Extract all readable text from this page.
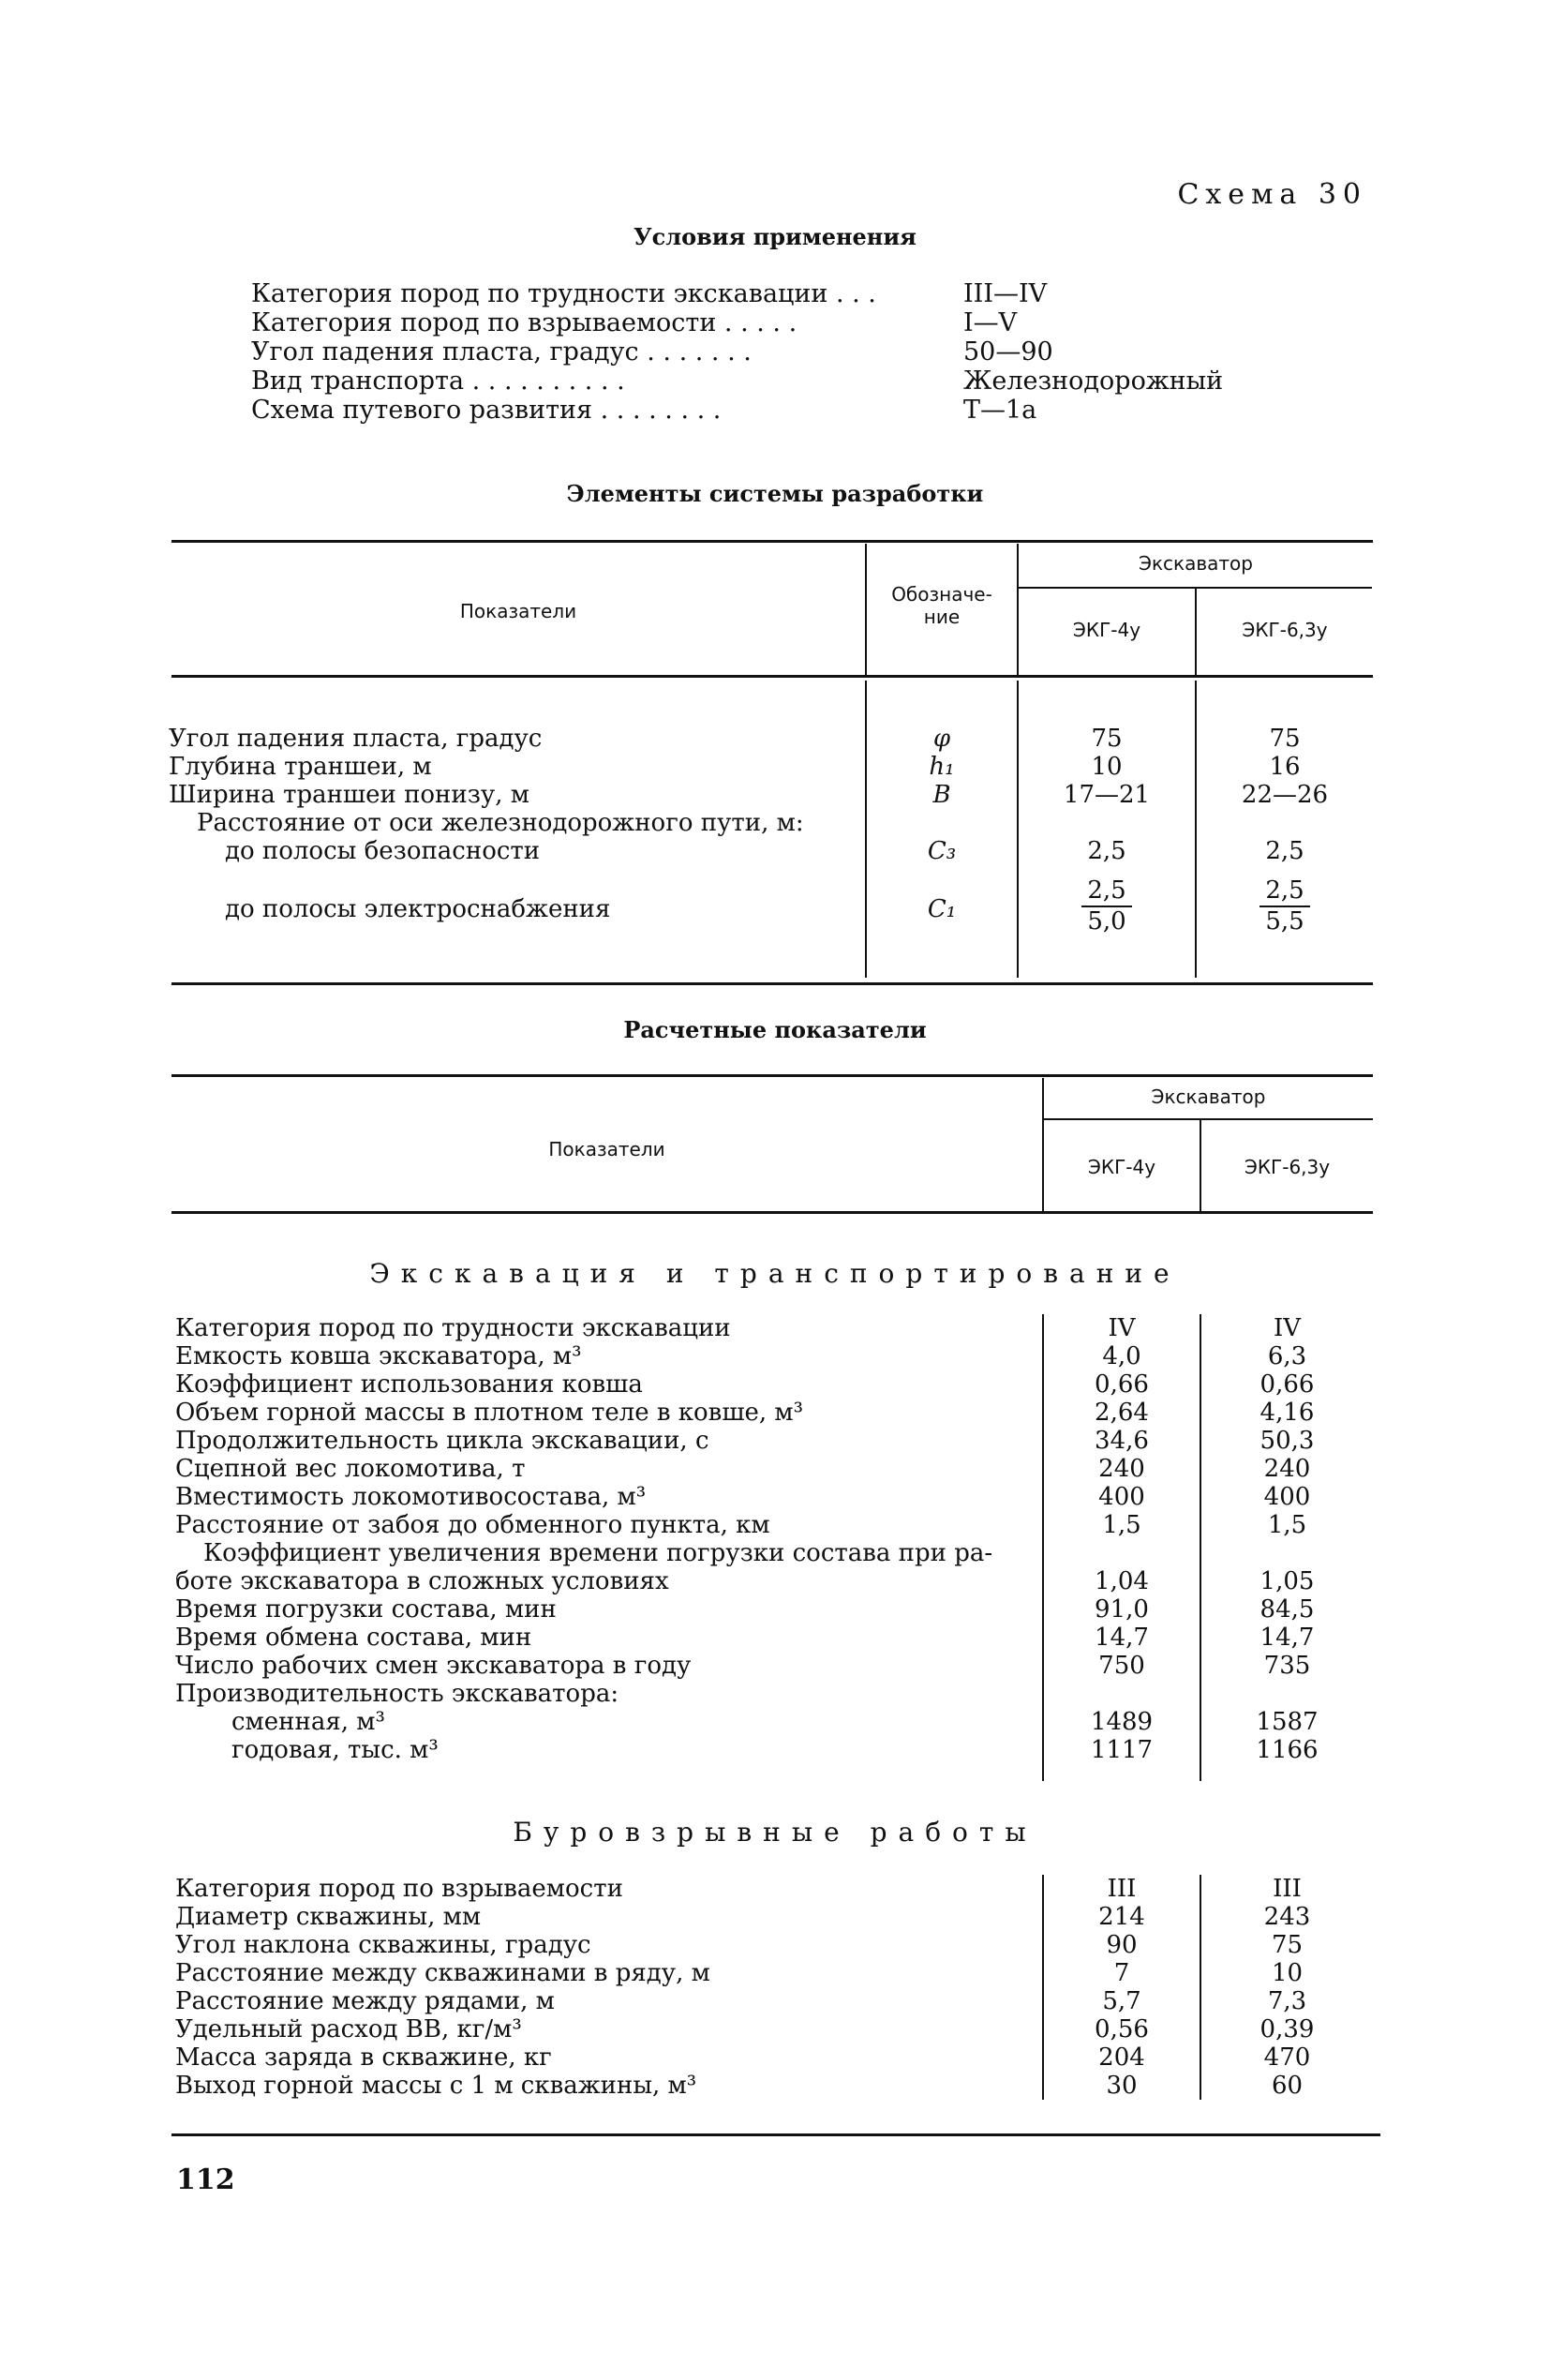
Схема 30
Условия применения
Категория пород по трудности экскавации . . .	III—IV
Категория пород по взрываемости . . . . .	I—V
Угол падения пласта, градус . . . . . . .	50—90
Вид транспорта . . . . . . . . . .	Железнодорожный
Схема путевого развития . . . . . . . .	Т—1а
Элементы системы разработки
Показатели
Обозначе-
ние
Экскаватор
ЭКГ-4у	ЭКГ-6,3у
Угол падения пласта, градус	φ	75	75
Глубина траншеи, м	h₁	10	16
Ширина траншеи понизу, м	B	17—21	22—26
Расстояние от оси железнодорожного пути, м:
до полосы безопасности	C₃	2,5	2,5
до полосы электроснабжения	C₁	$\frac{2,5}{5,0}$	$\frac{2,5}{5,5}$
Расчетные показатели
Показатели
Экскаватор
ЭКГ-4у	ЭКГ-6,3у
Экскавация и транспортирование
Категория пород по трудности экскавации	IV	IV
Емкость ковша экскаватора, м³	4,0	6,3
Коэффициент использования ковша	0,66	0,66
Объем горной массы в плотном теле в ковше, м³	2,64	4,16
Продолжительность цикла экскавации, с	34,6	50,3
Сцепной вес локомотива, т	240	240
Вместимость локомотивосостава, м³	400	400
Расстояние от забоя до обменного пункта, км	1,5	1,5
Коэффициент увеличения времени погрузки состава при ра-
боте экскаватора в сложных условиях	1,04	1,05
Время погрузки состава, мин	91,0	84,5
Время обмена состава, мин	14,7	14,7
Число рабочих смен экскаватора в году	750	735
Производительность экскаватора:
сменная, м³	1489	1587
годовая, тыс. м³	1117	1166
Буровзрывные работы
Категория пород по взрываемости	III	III
Диаметр скважины, мм	214	243
Угол наклона скважины, градус	90	75
Расстояние между скважинами в ряду, м	7	10
Расстояние между рядами, м	5,7	7,3
Удельный расход ВВ, кг/м³	0,56	0,39
Масса заряда в скважине, кг	204	470
Выход горной массы с 1 м скважины, м³	30	60
112
